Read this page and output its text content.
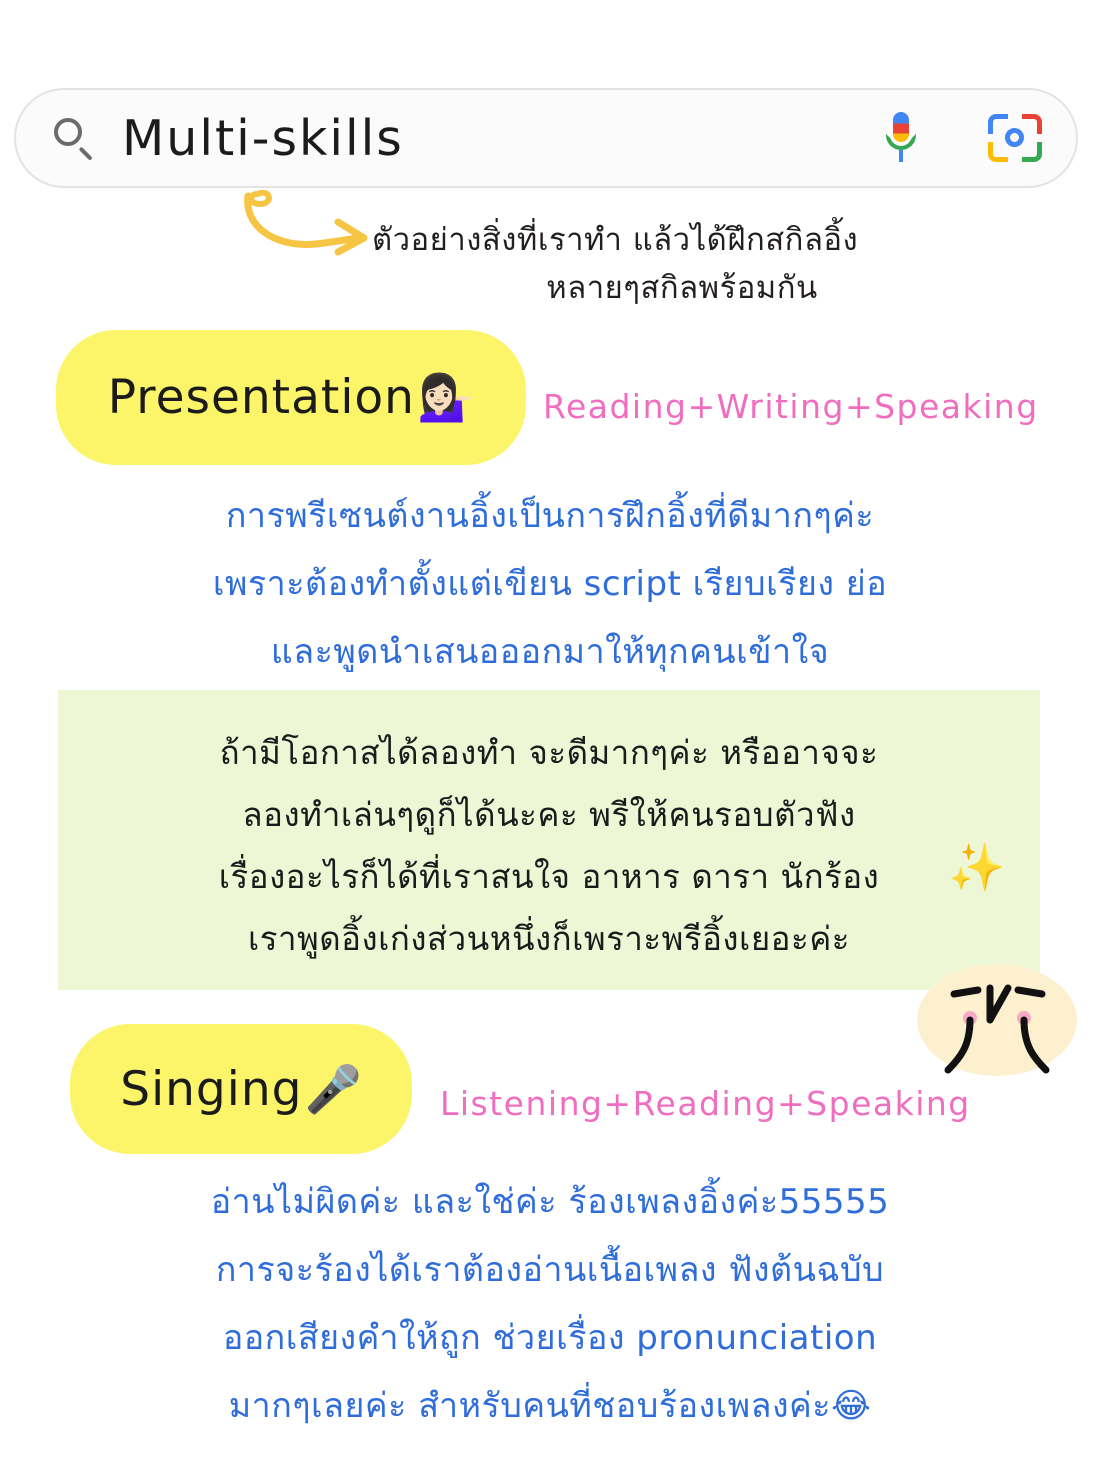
Multi-skills
ตัวอย่างสิ่งที่เราทำ แล้วได้ฝึกสกิลอิ้ง
หลายๆสกิลพร้อมกัน
Presentation 💁🏻‍♀️ Reading+Writing+Speaking
การพรีเซนต์งานอิ้งเป็นการฝึกอิ้งที่ดีมากๆค่ะ
เพราะต้องทำตั้งแต่เขียน script เรียบเรียง ย่อ
และพูดนำเสนอออกมาให้ทุกคนเข้าใจ
ถ้ามีโอกาสได้ลองทำ จะดีมากๆค่ะ หรืออาจจะ
ลองทำเล่นๆดูก็ได้นะคะ พรีให้คนรอบตัวฟัง
เรื่องอะไรก็ได้ที่เราสนใจ อาหาร ดารา นักร้อง
เราพูดอิ้งเก่งส่วนหนึ่งก็เพราะพรีอิ้งเยอะค่ะ
✨
Singing 🎤 Listening+Reading+Speaking
อ่านไม่ผิดค่ะ และใช่ค่ะ ร้องเพลงอิ้งค่ะ55555
การจะร้องได้เราต้องอ่านเนื้อเพลง ฟังต้นฉบับ
ออกเสียงคำให้ถูก ช่วยเรื่อง pronunciation
มากๆเลยค่ะ สำหรับคนที่ชอบร้องเพลงค่ะ😂
